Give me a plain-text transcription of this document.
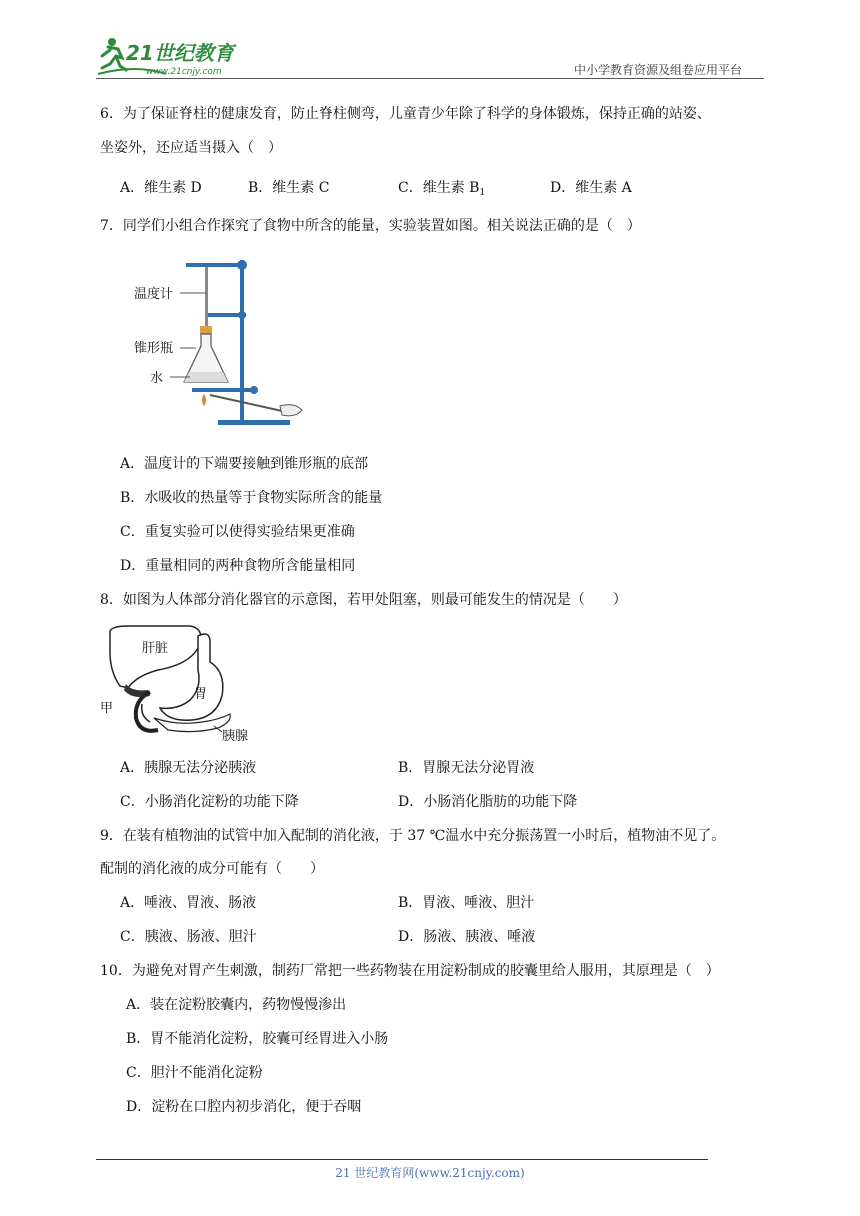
21世纪教育
www.21cnjy.com	中小学教育资源及组卷应用平台
6．为了保证脊柱的健康发育，防止脊柱侧弯，儿童青少年除了科学的身体锻炼，保持正确的站姿、
坐姿外，还应适当摄入（　）
A．维生素 D	B．维生素 C	C．维生素 $B_1$	D．维生素 A
7．同学们小组合作探究了食物中所含的能量，实验装置如图。相关说法正确的是（　）
温度计
锥形瓶
水
A．温度计的下端要接触到锥形瓶的底部
B．水吸收的热量等于食物实际所含的能量
C．重复实验可以使得实验结果更准确
D．重量相同的两种食物所含能量相同
8．如图为人体部分消化器官的示意图，若甲处阻塞，则最可能发生的情况是（　　）
肝脏
胃
甲
胰腺
A．胰腺无法分泌胰液	B．胃腺无法分泌胃液
C．小肠消化淀粉的功能下降	D．小肠消化脂肪的功能下降
9．在装有植物油的试管中加入配制的消化液，于 37 ℃温水中充分振荡置一小时后，植物油不见了。
配制的消化液的成分可能有（　　）
A．唾液、胃液、肠液	B．胃液、唾液、胆汁
C．胰液、肠液、胆汁	D．肠液、胰液、唾液
10．为避免对胃产生刺激，制药厂常把一些药物装在用淀粉制成的胶囊里给人服用，其原理是（　）
A．装在淀粉胶囊内，药物慢慢渗出
B．胃不能消化淀粉，胶囊可经胃进入小肠
C．胆汁不能消化淀粉
D．淀粉在口腔内初步消化，便于吞咽
21 世纪教育网(www.21cnjy.com)
